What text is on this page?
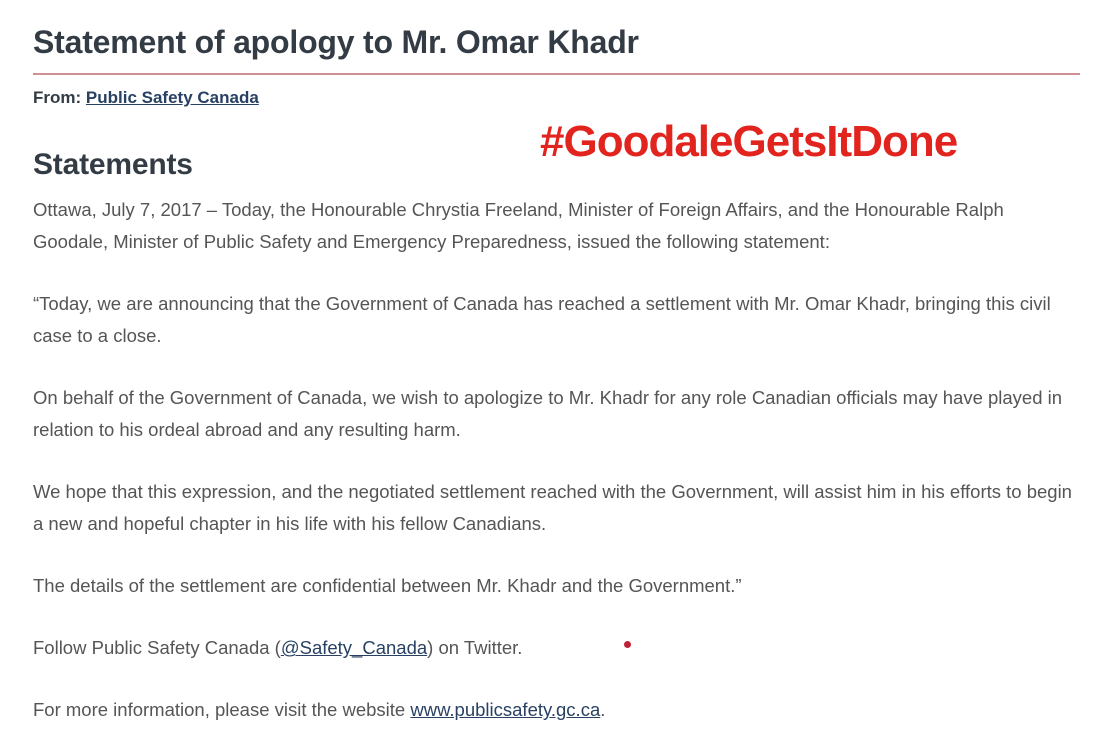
Statement of apology to Mr. Omar Khadr
From: Public Safety Canada
#GoodaleGetsItDone
Statements

Ottawa, July 7, 2017 – Today, the Honourable Chrystia Freeland, Minister of Foreign Affairs, and the Honourable Ralph Goodale, Minister of Public Safety and Emergency Preparedness, issued the following statement:

“Today, we are announcing that the Government of Canada has reached a settlement with Mr. Omar Khadr, bringing this civil case to a close.

On behalf of the Government of Canada, we wish to apologize to Mr. Khadr for any role Canadian officials may have played in relation to his ordeal abroad and any resulting harm.

We hope that this expression, and the negotiated settlement reached with the Government, will assist him in his efforts to begin a new and hopeful chapter in his life with his fellow Canadians.

The details of the settlement are confidential between Mr. Khadr and the Government.”

Follow Public Safety Canada (@Safety_Canada) on Twitter.

For more information, please visit the website www.publicsafety.gc.ca.
